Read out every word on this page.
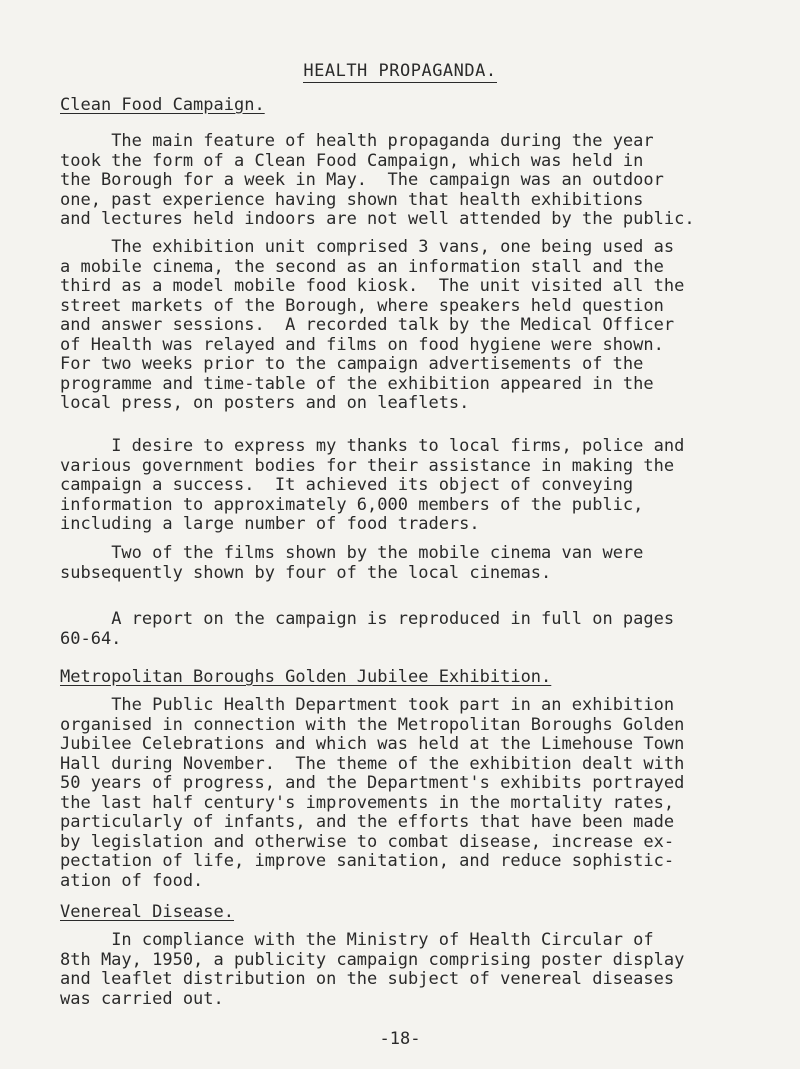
HEALTH PROPAGANDA.
Clean Food Campaign.

The main feature of health propaganda during the year
took the form of a Clean Food Campaign, which was held in
the Borough for a week in May.  The campaign was an outdoor
one, past experience having shown that health exhibitions
and lectures held indoors are not well attended by the public.

The exhibition unit comprised 3 vans, one being used as
a mobile cinema, the second as an information stall and the
third as a model mobile food kiosk.  The unit visited all the
street markets of the Borough, where speakers held question
and answer sessions.  A recorded talk by the Medical Officer
of Health was relayed and films on food hygiene were shown.
For two weeks prior to the campaign advertisements of the
programme and time-table of the exhibition appeared in the
local press, on posters and on leaflets.

I desire to express my thanks to local firms, police and
various government bodies for their assistance in making the
campaign a success.  It achieved its object of conveying
information to approximately 6,000 members of the public,
including a large number of food traders.

Two of the films shown by the mobile cinema van were
subsequently shown by four of the local cinemas.

A report on the campaign is reproduced in full on pages
60-64.

Metropolitan Boroughs Golden Jubilee Exhibition.

The Public Health Department took part in an exhibition
organised in connection with the Metropolitan Boroughs Golden
Jubilee Celebrations and which was held at the Limehouse Town
Hall during November.  The theme of the exhibition dealt with
50 years of progress, and the Department's exhibits portrayed
the last half century's improvements in the mortality rates,
particularly of infants, and the efforts that have been made
by legislation and otherwise to combat disease, increase ex-
pectation of life, improve sanitation, and reduce sophistic-
ation of food.

Venereal Disease.

In compliance with the Ministry of Health Circular of
8th May, 1950, a publicity campaign comprising poster display
and leaflet distribution on the subject of venereal diseases
was carried out.

-18-
